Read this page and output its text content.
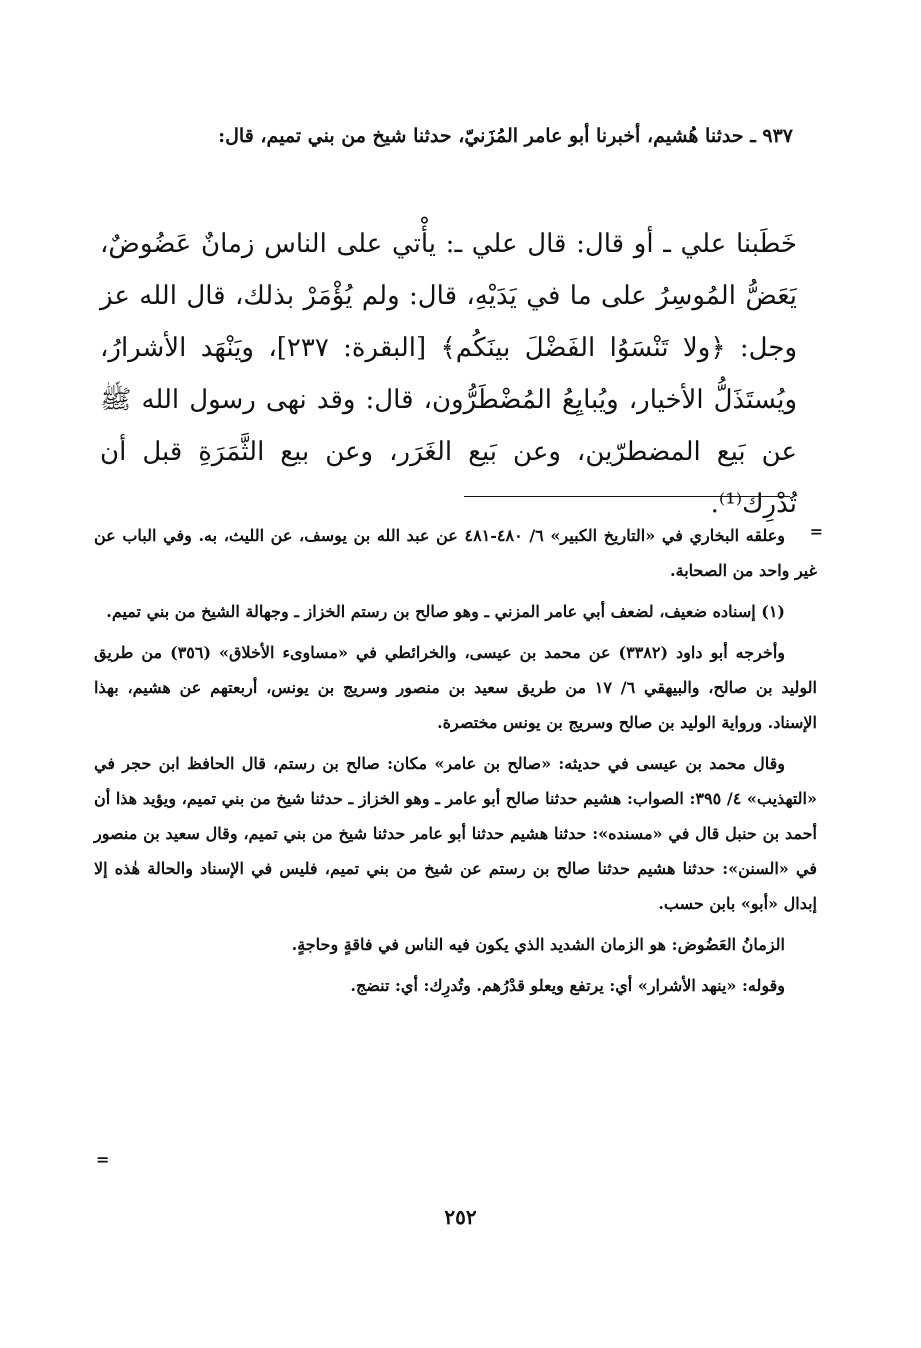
٩٣٧ ـ حدثنا هُشيم، أخبرنا أبو عامر المُزَنيّ، حدثنا شيخ من بني تميم، قال:
خَطَبنا علي ـ أو قال: قال علي ـ: يأْتي على الناس زمانٌ عَضُوضٌ، يَعَضُّ المُوسِرُ على ما في يَدَيْهِ، قال: ولم يُؤْمَرْ بذلك، قال الله عز وجل: ﴿ولا تَنْسَوُا الفَضْلَ بينَكُم﴾ [البقرة: ٢٣٧]، ويَنْهَد الأشرارُ، ويُستَذَلُّ الأخيار، ويُبايِعُ المُضْطَرُّون، قال: وقد نهى رسول الله ﷺ عن بَيع المضطرّين، وعن بَيع الغَرَر، وعن بيع الثَّمَرَةِ قبل أن تُدْرِك⁽¹⁾.
=

وعلقه البخاري في «التاريخ الكبير» ٦/ ٤٨٠-٤٨١ عن عبد الله بن يوسف، عن الليث، به. وفي الباب عن غير واحد من الصحابة.

(١) إسناده ضعيف، لضعف أبي عامر المزني ـ وهو صالح بن رستم الخزاز ـ وجهالة الشيخ من بني تميم.

وأخرجه أبو داود (٣٣٨٢) عن محمد بن عيسى، والخرائطي في «مساوىء الأخلاق» (٣٥٦) من طريق الوليد بن صالح، والبيهقي ٦/ ١٧ من طريق سعيد بن منصور وسريج بن يونس، أربعتهم عن هشيم، بهذا الإسناد. ورواية الوليد بن صالح وسريج بن يونس مختصرة.

وقال محمد بن عيسى في حديثه: «صالح بن عامر» مكان: صالح بن رستم، قال الحافظ ابن حجر في «التهذيب» ٤/ ٣٩٥: الصواب: هشيم حدثنا صالح أبو عامر ـ وهو الخزاز ـ حدثنا شيخ من بني تميم، ويؤيد هذا أن أحمد بن حنبل قال في «مسنده»: حدثنا هشيم حدثنا أبو عامر حدثنا شيخ من بني تميم، وقال سعيد بن منصور في «السنن»: حدثنا هشيم حدثنا صالح بن رستم عن شيخ من بني تميم، فليس في الإسناد والحالة هٰذه إلا إبدال «أبو» بابن حسب.

الزمانُ العَضُوض: هو الزمان الشديد الذي يكون فيه الناس في فاقةٍ وحاجةٍ.

وقوله: «ينهد الأشرار» أي: يرتفع ويعلو قدْرُهم. وتُدرِك: أي: تنضج.

=
٢٥٢
